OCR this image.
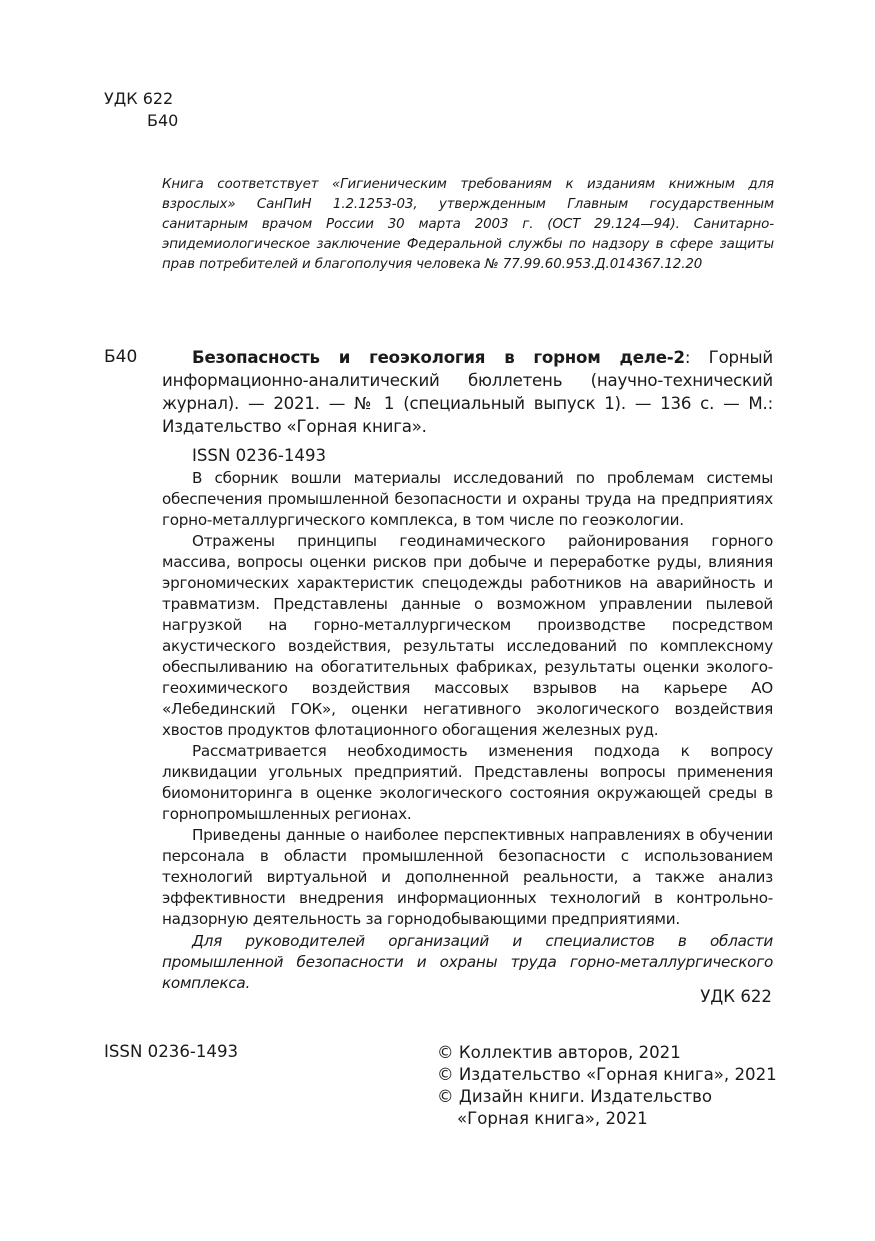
УДК 622
Б40
Книга соответствует «Гигиеническим требованиям к изданиям книжным для взрослых» СанПиН 1.2.1253-03, утвержденным Главным государственным санитарным врачом России 30 марта 2003 г. (ОСТ 29.124—94). Санитарно-эпидемиологическое заключение Федеральной службы по надзору в сфере защиты прав потребителей и благополучия человека № 77.99.60.953.Д.014367.12.20
Б40	Безопасность и геоэкология в горном деле-2: Горный информационно-аналитический бюллетень (научно-технический журнал). — 2021. — № 1 (специальный выпуск 1). — 136 с. — М.: Издательство «Горная книга».

ISSN 0236-1493

В сборник вошли материалы исследований по проблемам системы обеспечения промышленной безопасности и охраны труда на предприятиях горно-металлургического комплекса, в том числе по геоэкологии.

Отражены принципы геодинамического районирования горного массива, вопросы оценки рисков при добыче и переработке руды, влияния эргономических характеристик спецодежды работников на аварийность и травматизм. Представлены данные о возможном управлении пылевой нагрузкой на горно-металлургическом производстве посредством акустического воздействия, результаты исследований по комплексному обеспыливанию на обогатительных фабриках, результаты оценки эколого-геохимического воздействия массовых взрывов на карьере АО «Лебединский ГОК», оценки негативного экологического воздействия хвостов продуктов флотационного обогащения железных руд.

Рассматривается необходимость изменения подхода к вопросу ликвидации угольных предприятий. Представлены вопросы применения биомониторинга в оценке экологического состояния окружающей среды в горнопромышленных регионах.

Приведены данные о наиболее перспективных направлениях в обучении персонала в области промышленной безопасности с использованием технологий виртуальной и дополненной реальности, а также анализ эффективности внедрения информационных технологий в контрольно-надзорную деятельность за горнодобывающими предприятиями.

Для руководителей организаций и специалистов в области промышленной безопасности и охраны труда горно-металлургического комплекса.

УДК 622
ISSN 0236-1493	© Коллектив авторов, 2021
© Издательство «Горная книга», 2021
© Дизайн книги. Издательство «Горная книга», 2021
